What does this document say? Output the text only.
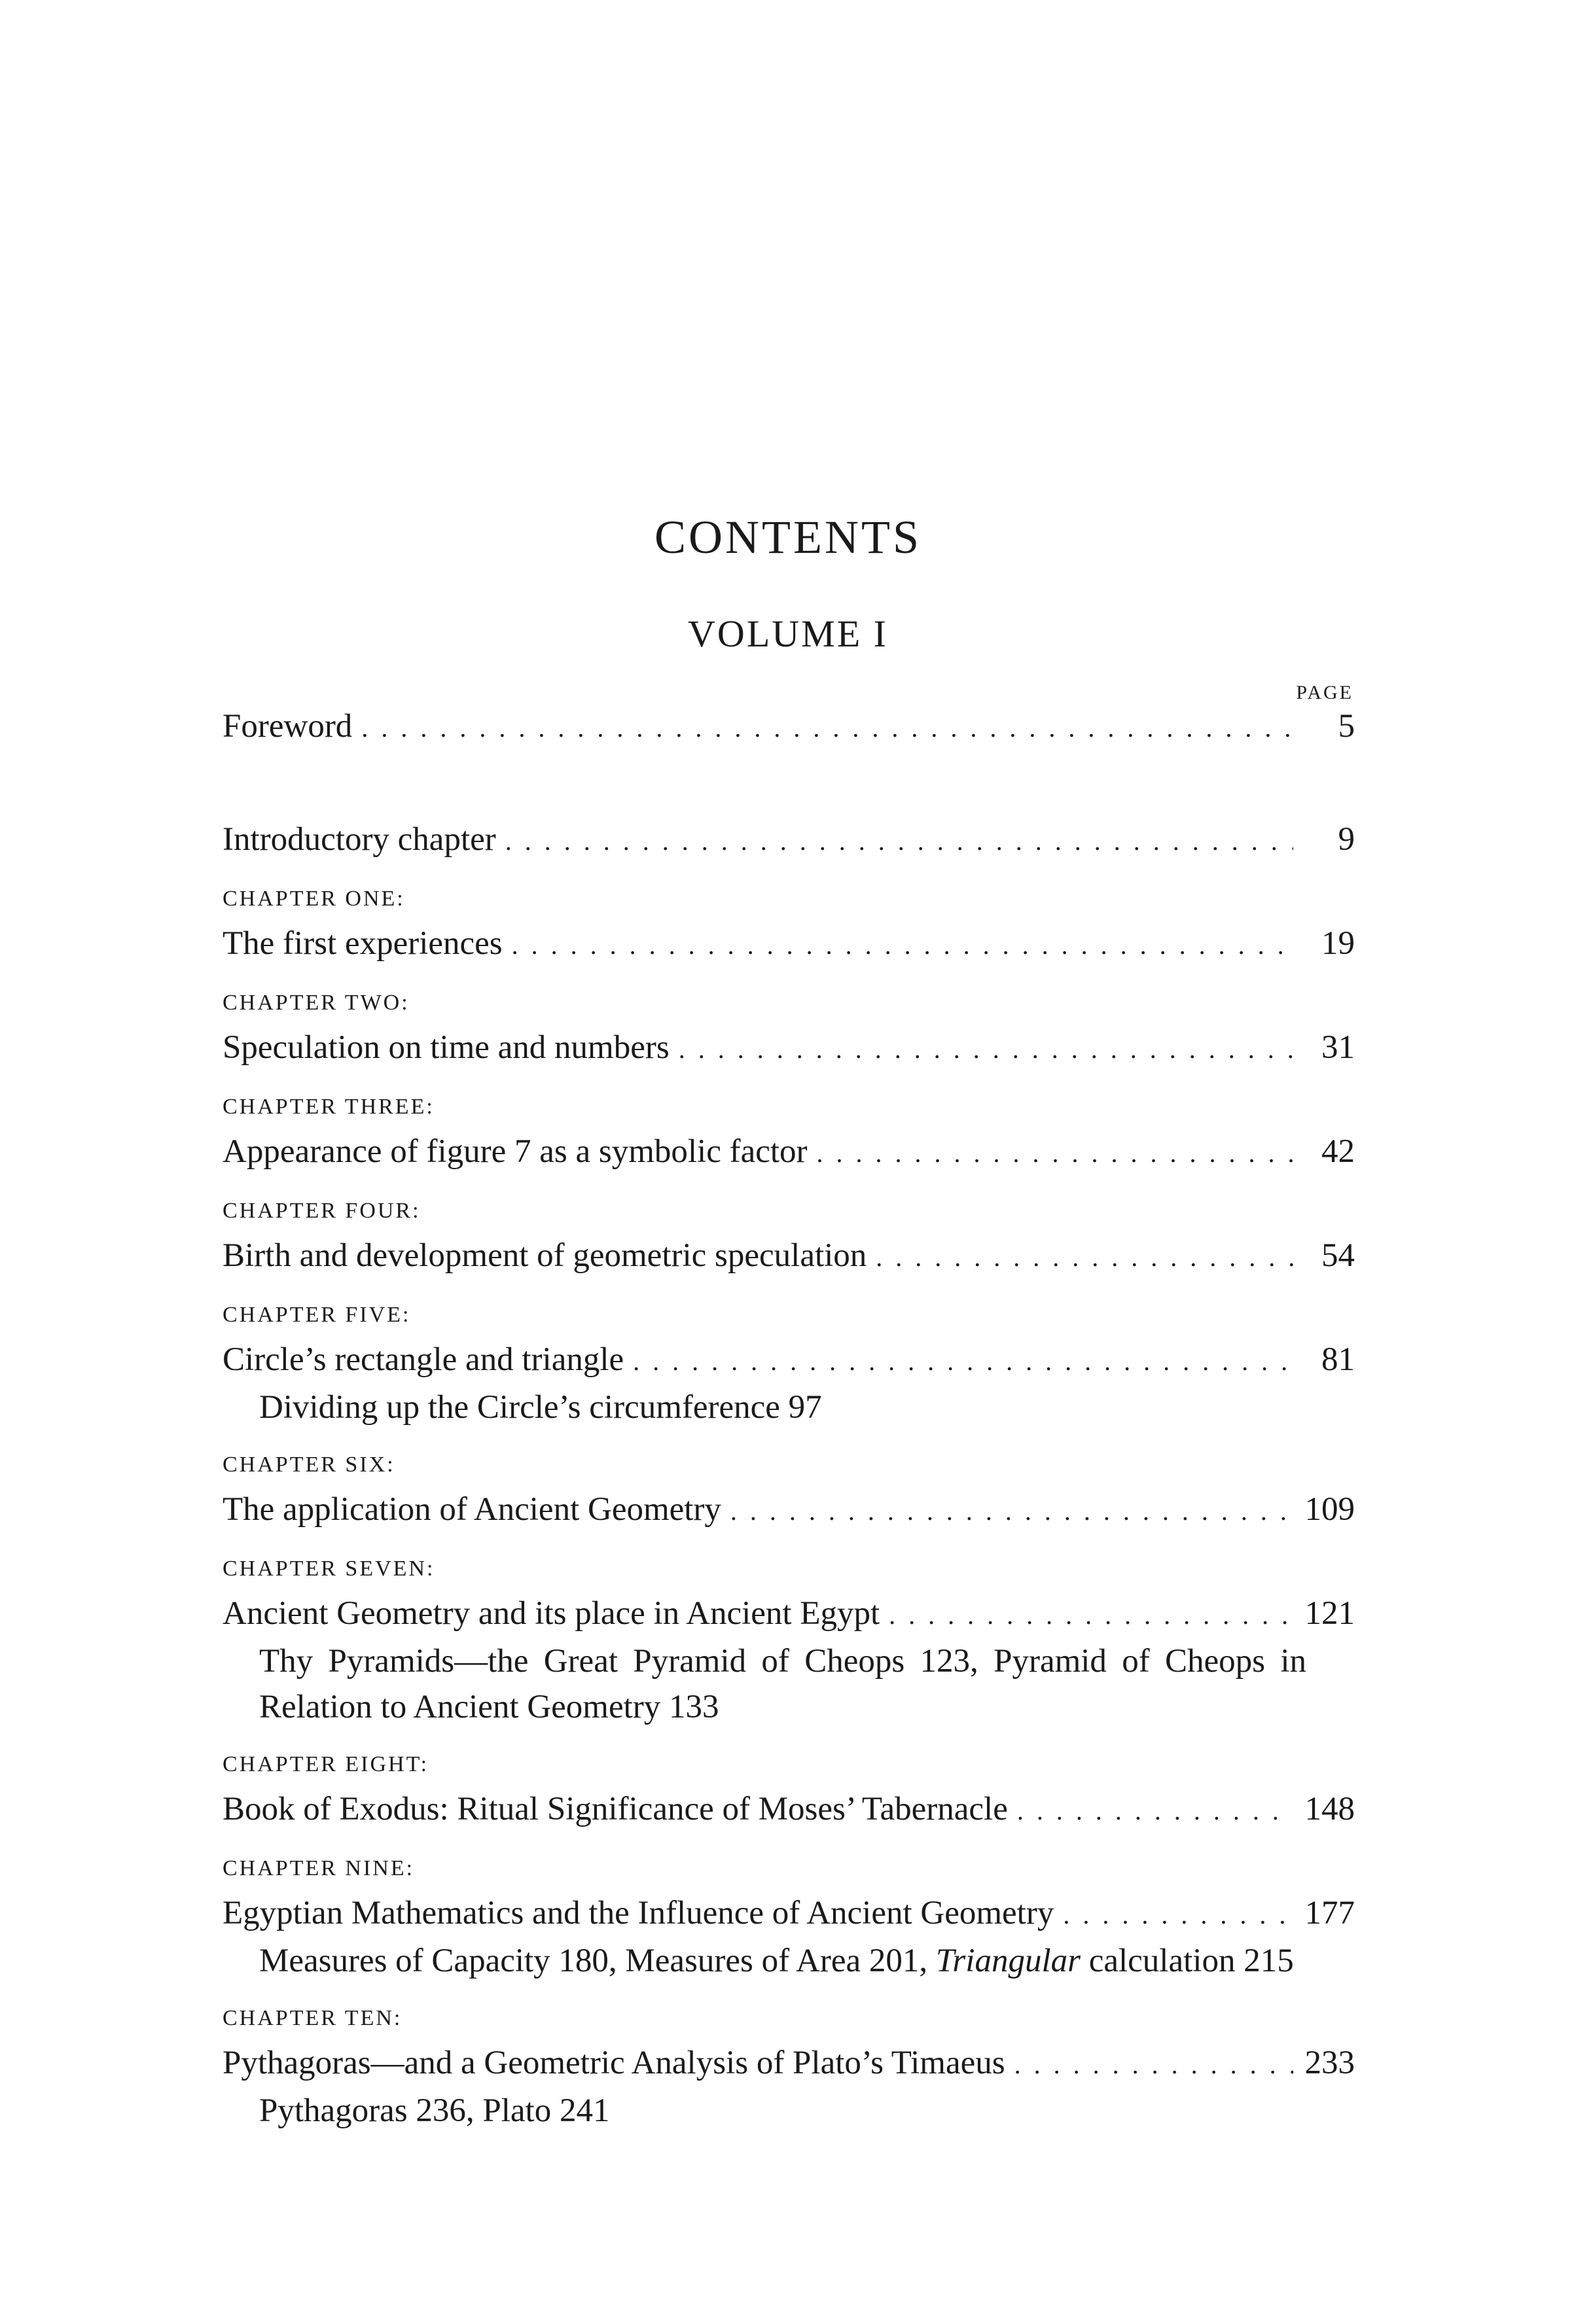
CONTENTS
VOLUME I
PAGE
Foreword . . .	5
Introductory chapter . . .	9
CHAPTER ONE:
The first experiences . . .	19
CHAPTER TWO:
Speculation on time and numbers . . .	31
CHAPTER THREE:
Appearance of figure 7 as a symbolic factor . . .	42
CHAPTER FOUR:
Birth and development of geometric speculation . . .	54
CHAPTER FIVE:
Circle’s rectangle and triangle . . .	81
Dividing up the Circle’s circumference 97
CHAPTER SIX:
The application of Ancient Geometry . . .	109
CHAPTER SEVEN:
Ancient Geometry and its place in Ancient Egypt . . .	121
Thy Pyramids—the Great Pyramid of Cheops 123, Pyramid of Cheops in Relation to Ancient Geometry 133
CHAPTER EIGHT:
Book of Exodus: Ritual Significance of Moses’ Tabernacle . . .	148
CHAPTER NINE:
Egyptian Mathematics and the Influence of Ancient Geometry . . .	177
Measures of Capacity 180, Measures of Area 201, Triangular calculation 215
CHAPTER TEN:
Pythagoras—and a Geometric Analysis of Plato’s Timaeus . . .	233
Pythagoras 236, Plato 241
